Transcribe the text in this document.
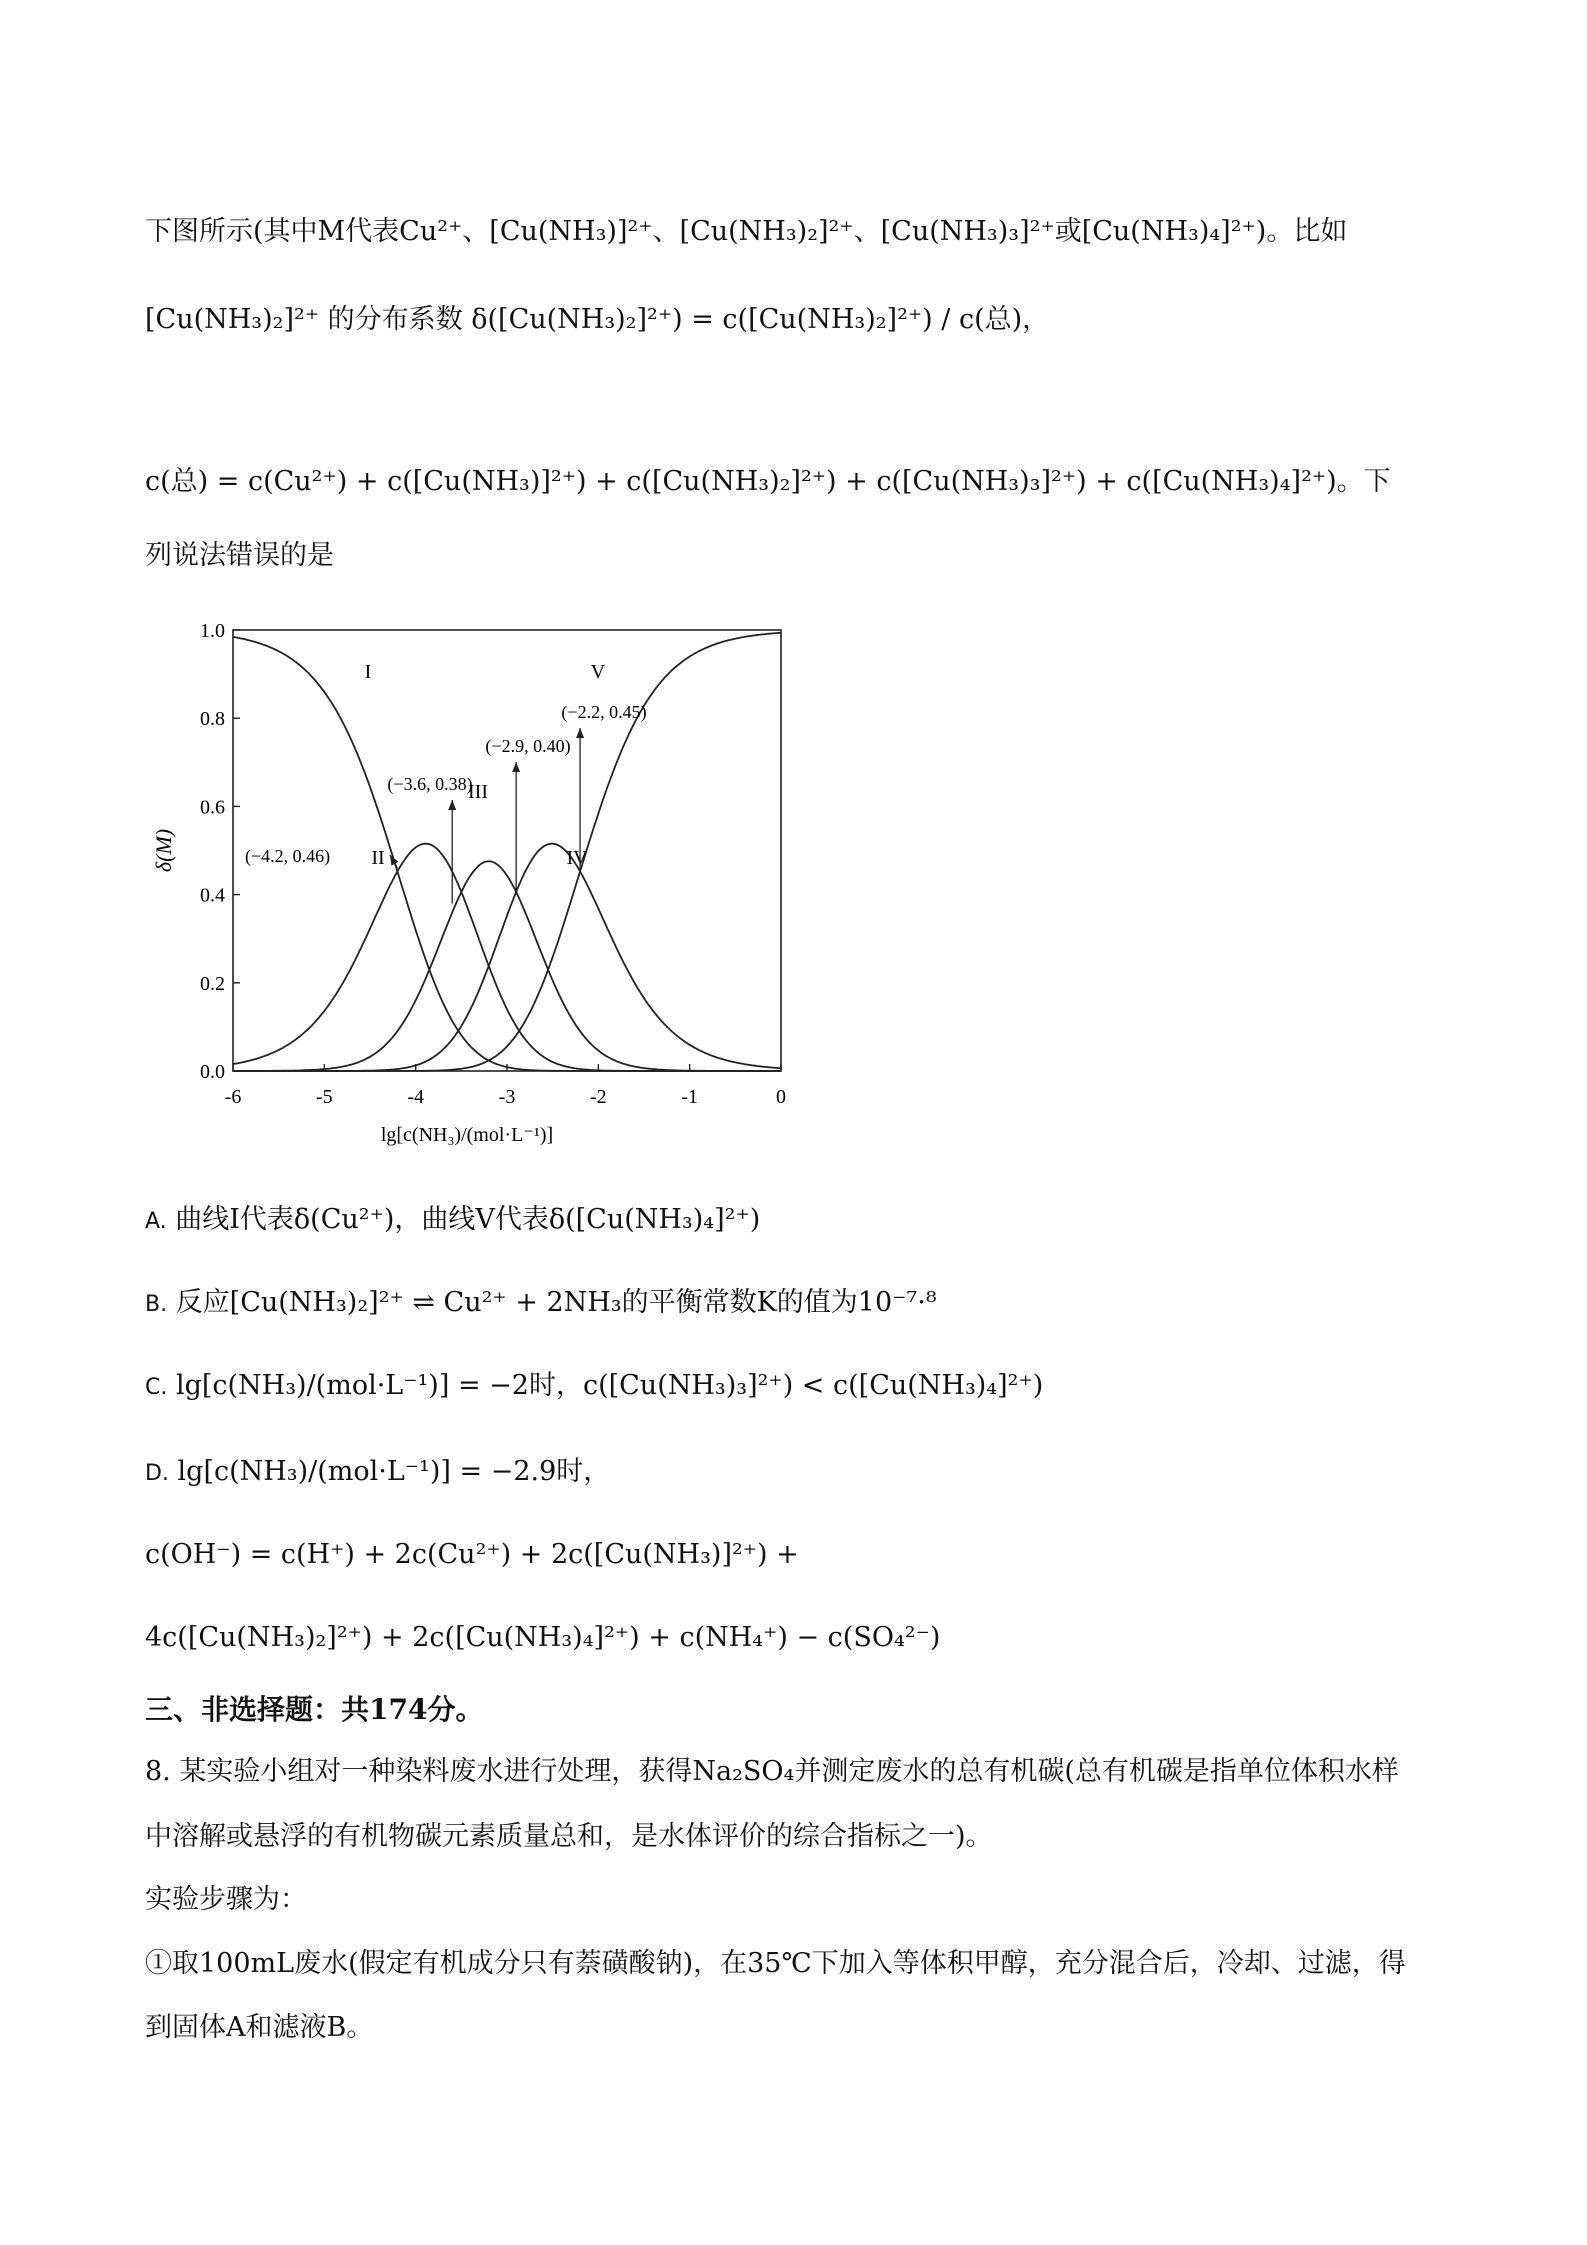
下图所示(其中M代表Cu²⁺、[Cu(NH₃)]²⁺、[Cu(NH₃)₂]²⁺、[Cu(NH₃)₃]²⁺或[Cu(NH₃)₄]²⁺)。比如
[Cu(NH₃)₂]²⁺ 的分布系数 δ([Cu(NH₃)₂]²⁺) = c([Cu(NH₃)₂]²⁺) / c(总)，
c(总) = c(Cu²⁺) + c([Cu(NH₃)]²⁺) + c([Cu(NH₃)₂]²⁺) + c([Cu(NH₃)₃]²⁺) + c([Cu(NH₃)₄]²⁺)。下
列说法错误的是
-6	-5	-4	-3	-2	-1	0
0.0
0.2
0.4
0.6
0.8
1.0
lg[c(NH₃)/(mol·L⁻¹)]
δ(M)
I
II
III
IV
V
(−4.2, 0.46)
(−3.6, 0.38)
(−2.9, 0.40)
(−2.2, 0.45)
A. 曲线I代表δ(Cu²⁺)，曲线V代表δ([Cu(NH₃)₄]²⁺)
B. 反应[Cu(NH₃)₂]²⁺ ⇌ Cu²⁺ + 2NH₃的平衡常数K的值为10⁻⁷·⁸
C. lg[c(NH₃)/(mol·L⁻¹)] = −2时，c([Cu(NH₃)₃]²⁺) < c([Cu(NH₃)₄]²⁺)
D. lg[c(NH₃)/(mol·L⁻¹)] = −2.9时，
c(OH⁻) = c(H⁺) + 2c(Cu²⁺) + 2c([Cu(NH₃)]²⁺) +
4c([Cu(NH₃)₂]²⁺) + 2c([Cu(NH₃)₄]²⁺) + c(NH₄⁺) − c(SO₄²⁻)
三、非选择题：共174分。
8. 某实验小组对一种染料废水进行处理，获得Na₂SO₄并测定废水的总有机碳(总有机碳是指单位体积水样
中溶解或悬浮的有机物碳元素质量总和，是水体评价的综合指标之一)。
实验步骤为：
①取100mL废水(假定有机成分只有萘磺酸钠)，在35℃下加入等体积甲醇，充分混合后，冷却、过滤，得
到固体A和滤液B。
